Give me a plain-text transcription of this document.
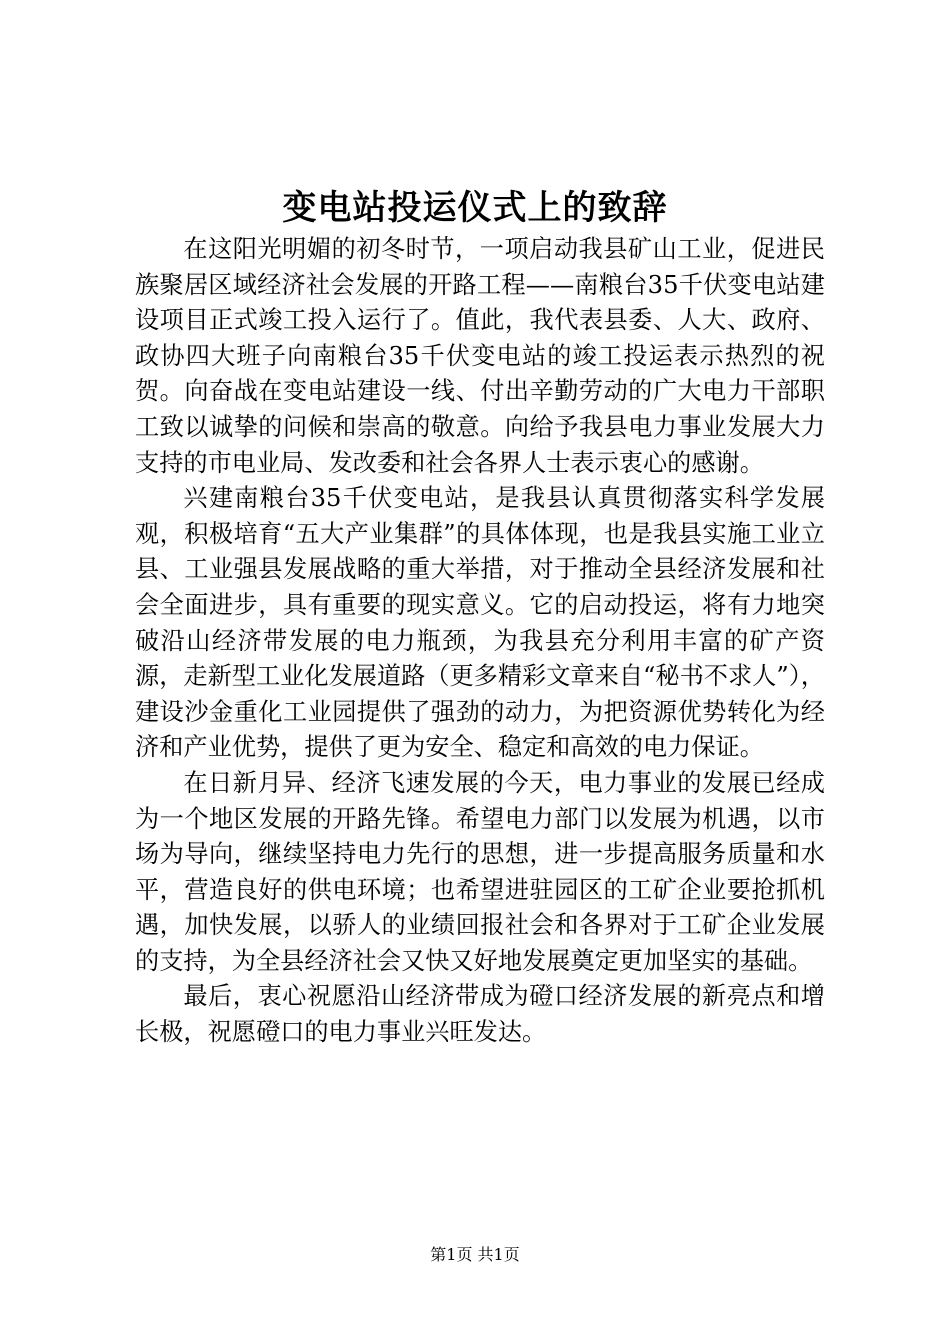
变电站投运仪式上的致辞

在这阳光明媚的初冬时节，一项启动我县矿山工业，促进民族聚居区域经济社会发展的开路工程——南粮台35千伏变电站建设项目正式竣工投入运行了。值此，我代表县委、人大、政府、政协四大班子向南粮台35千伏变电站的竣工投运表示热烈的祝贺。向奋战在变电站建设一线、付出辛勤劳动的广大电力干部职工致以诚挚的问候和崇高的敬意。向给予我县电力事业发展大力支持的市电业局、发改委和社会各界人士表示衷心的感谢。

兴建南粮台35千伏变电站，是我县认真贯彻落实科学发展观，积极培育“五大产业集群”的具体体现，也是我县实施工业立县、工业强县发展战略的重大举措，对于推动全县经济发展和社会全面进步，具有重要的现实意义。它的启动投运，将有力地突破沿山经济带发展的电力瓶颈，为我县充分利用丰富的矿产资源，走新型工业化发展道路（更多精彩文章来自“秘书不求人”），建设沙金重化工业园提供了强劲的动力，为把资源优势转化为经济和产业优势，提供了更为安全、稳定和高效的电力保证。

在日新月异、经济飞速发展的今天，电力事业的发展已经成为一个地区发展的开路先锋。希望电力部门以发展为机遇，以市场为导向，继续坚持电力先行的思想，进一步提高服务质量和水平，营造良好的供电环境；也希望进驻园区的工矿企业要抢抓机遇，加快发展，以骄人的业绩回报社会和各界对于工矿企业发展的支持，为全县经济社会又快又好地发展奠定更加坚实的基础。

最后，衷心祝愿沿山经济带成为磴口经济发展的新亮点和增长极，祝愿磴口的电力事业兴旺发达。

第1页 共1页
